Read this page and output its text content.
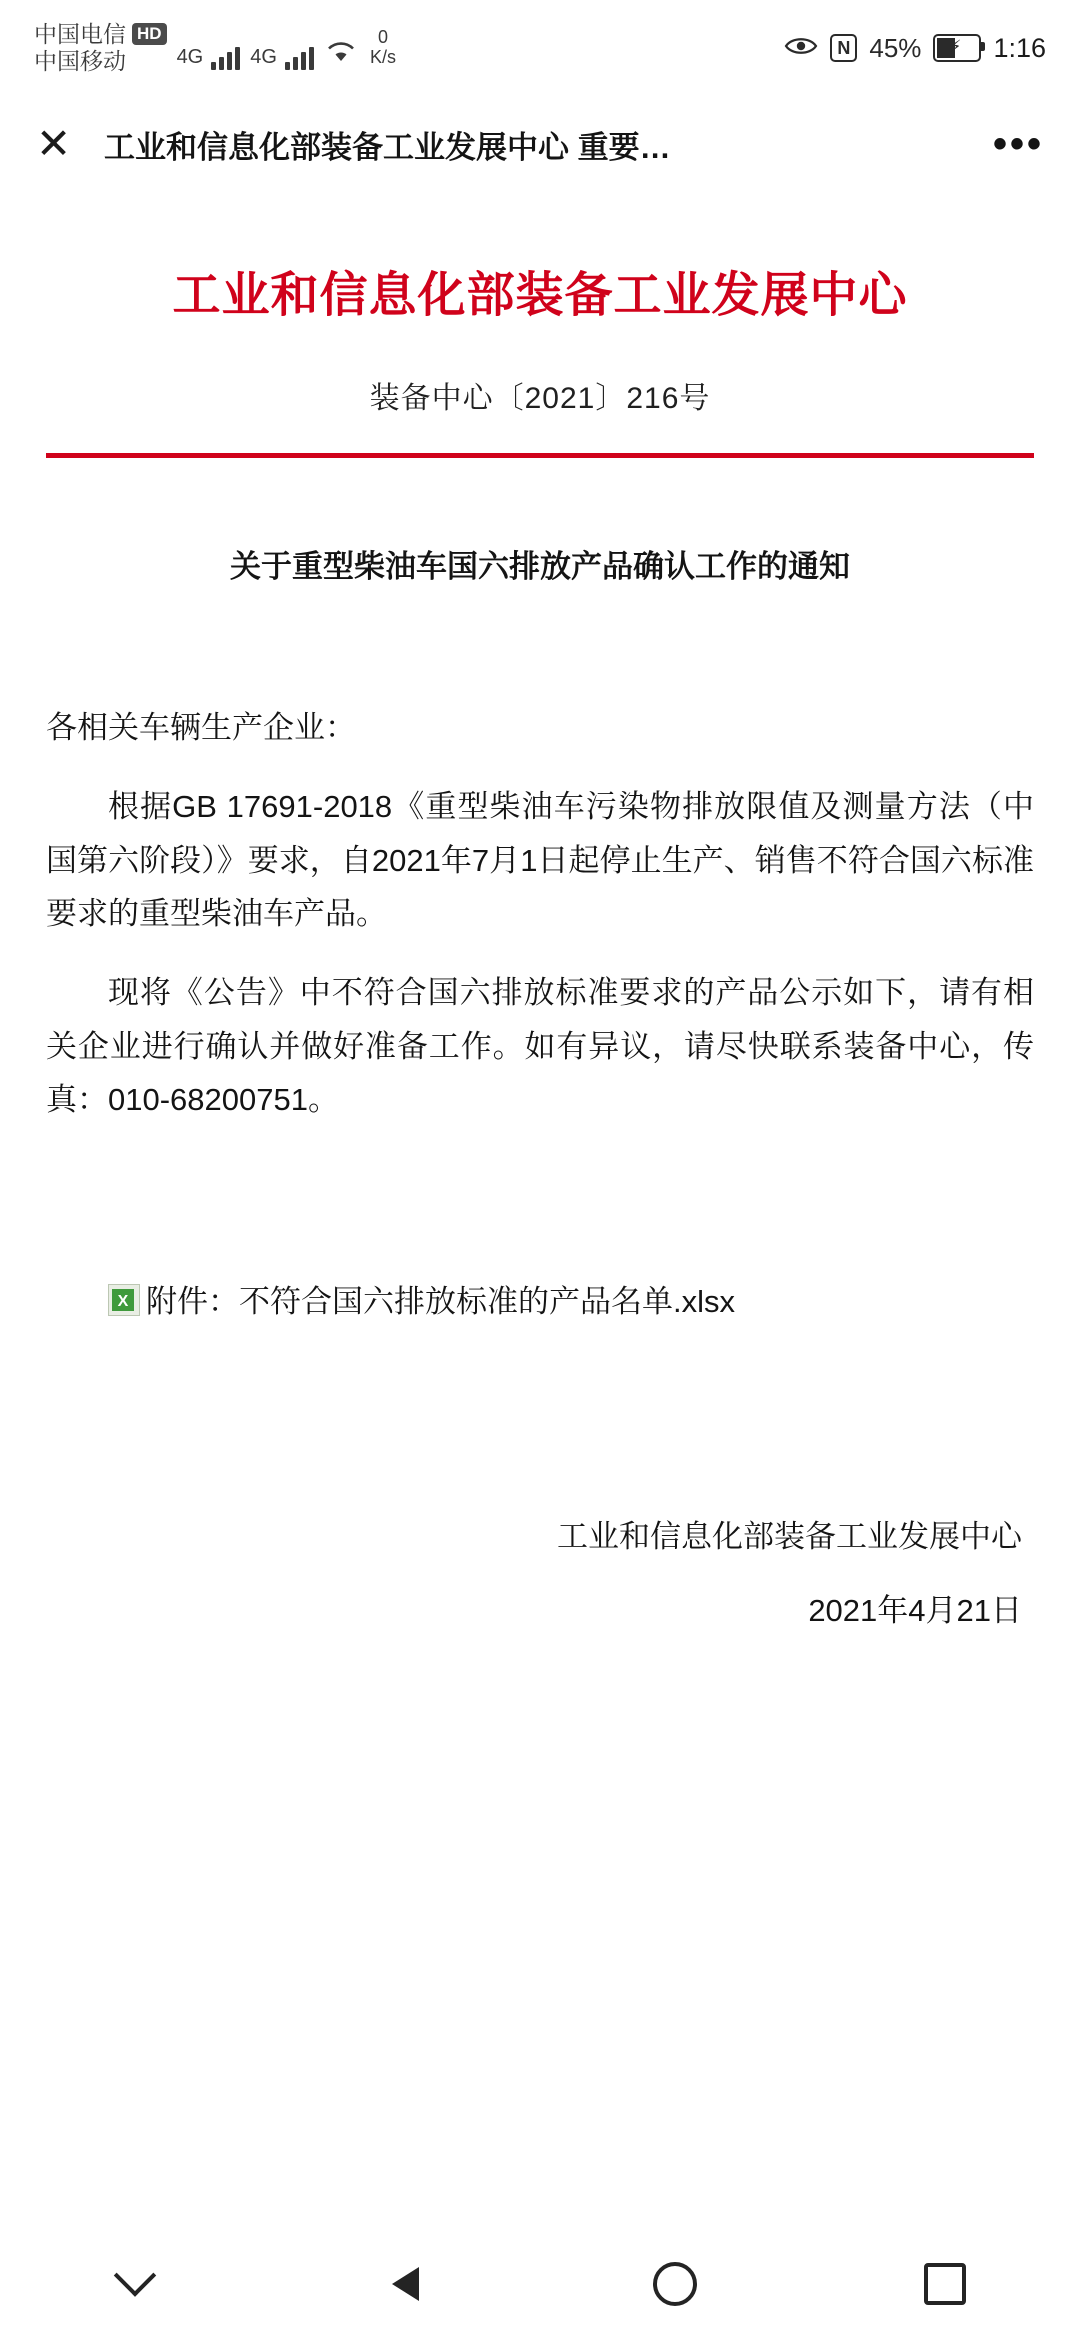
中国电信 HD
中国移动	4G 4G
0
K/s	N 45% ⚡ 1:16
✕	工业和信息化部装备工业发展中心 重要…	•••
工业和信息化部装备工业发展中心
装备中心〔2021〕216号
关于重型柴油车国六排放产品确认工作的通知
各相关车辆生产企业：
根据GB 17691-2018《重型柴油车污染物排放限值及测量方法（中国第六阶段）》要求，自2021年7月1日起停止生产、销售不符合国六标准要求的重型柴油车产品。
现将《公告》中不符合国六排放标准要求的产品公示如下，请有相关企业进行确认并做好准备工作。如有异议，请尽快联系装备中心，传真：010-68200751。
X附件：不符合国六排放标准的产品名单.xlsx
工业和信息化部装备工业发展中心
2021年4月21日
